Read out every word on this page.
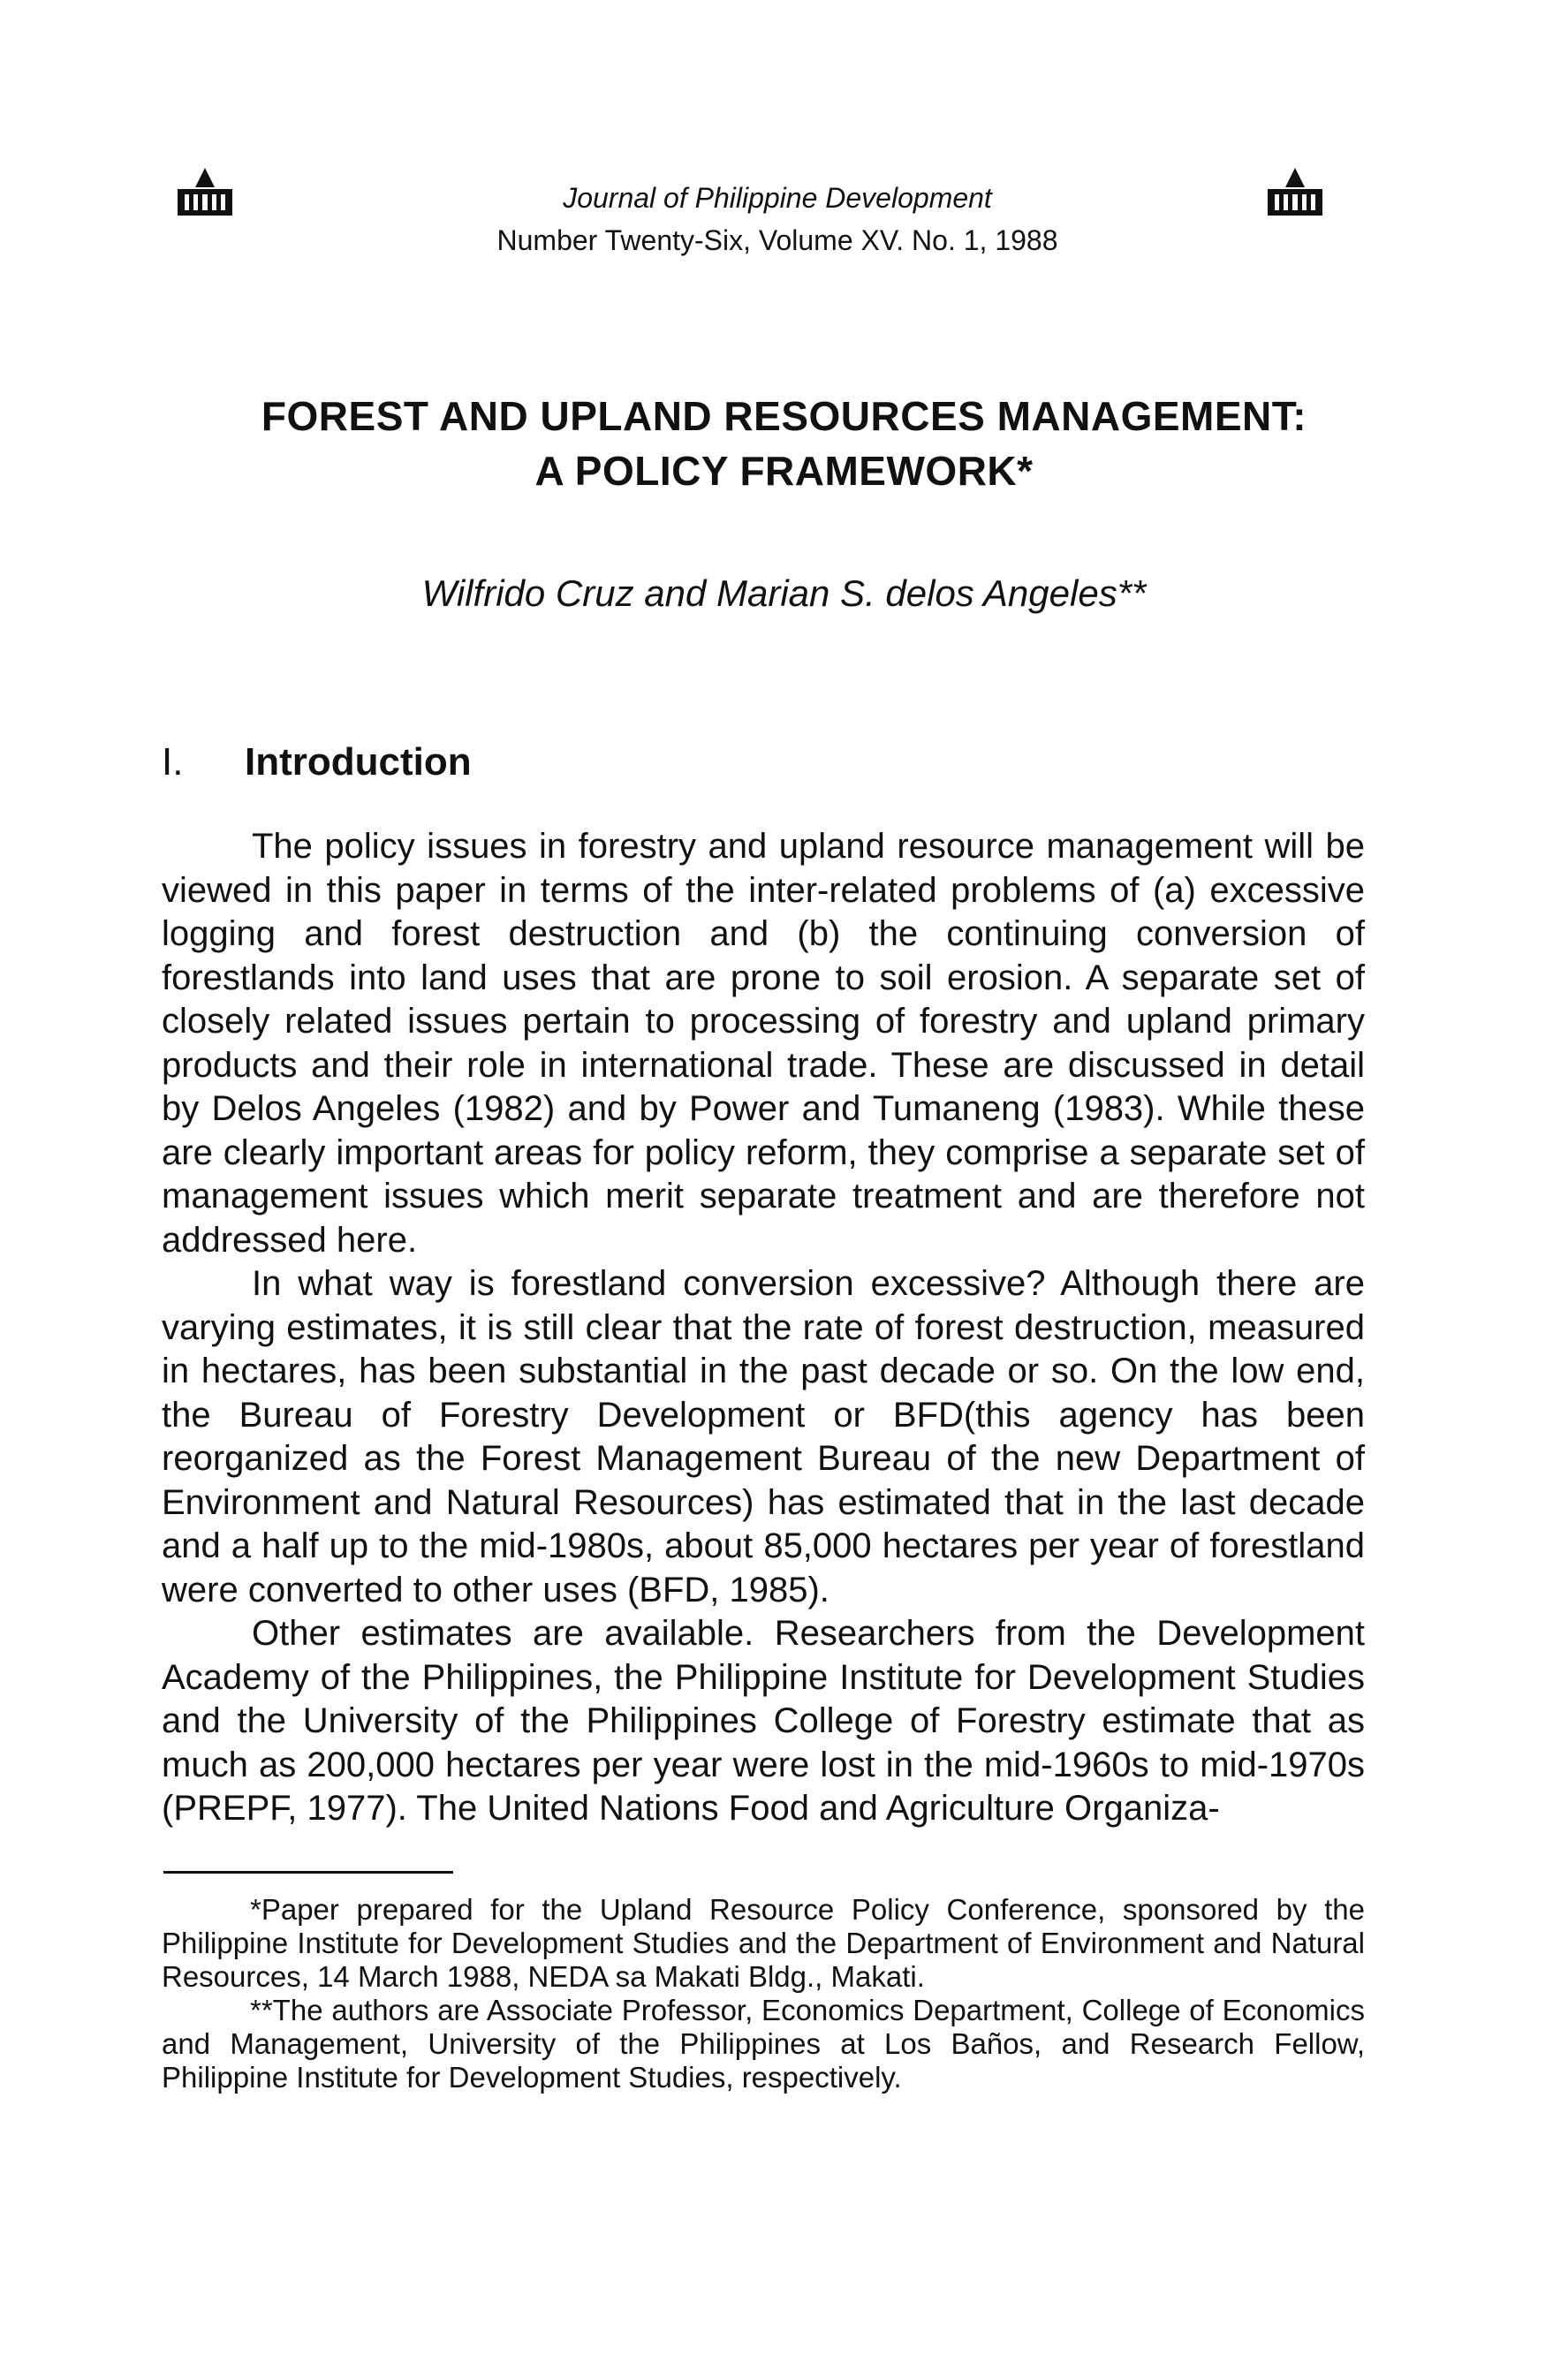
Journal of Philippine Development
Number Twenty-Six, Volume XV. No. 1, 1988
FOREST AND UPLAND RESOURCES MANAGEMENT:
A POLICY FRAMEWORK*
Wilfrido Cruz and Marian S. delos Angeles**
I. Introduction

The policy issues in forestry and upland resource management will be viewed in this paper in terms of the inter-related problems of (a) excessive logging and forest destruction and (b) the continuing conversion of forestlands into land uses that are prone to soil erosion. A separate set of closely related issues pertain to processing of forestry and upland primary products and their role in international trade. These are discussed in detail by Delos Angeles (1982) and by Power and Tumaneng (1983). While these are clearly important areas for policy reform, they comprise a separate set of management issues which merit separate treatment and are therefore not addressed here.

In what way is forestland conversion excessive? Although there are varying estimates, it is still clear that the rate of forest destruction, measured in hectares, has been substantial in the past decade or so. On the low end, the Bureau of Forestry Development or BFD(this agency has been reorganized as the Forest Management Bureau of the new Department of Environment and Natural Resources) has estimated that in the last decade and a half up to the mid-1980s, about 85,000 hectares per year of forestland were converted to other uses (BFD, 1985).

Other estimates are available. Researchers from the Development Academy of the Philippines, the Philippine Institute for Development Studies and the University of the Philippines College of Forestry estimate that as much as 200,000 hectares per year were lost in the mid-1960s to mid-1970s (PREPF, 1977). The United Nations Food and Agriculture Organiza-

*Paper prepared for the Upland Resource Policy Conference, sponsored by the Philippine Institute for Development Studies and the Department of Environment and Natural Resources, 14 March 1988, NEDA sa Makati Bldg., Makati.

**The authors are Associate Professor, Economics Department, College of Economics and Management, University of the Philippines at Los Baños, and Research Fellow, Philippine Institute for Development Studies, respectively.
